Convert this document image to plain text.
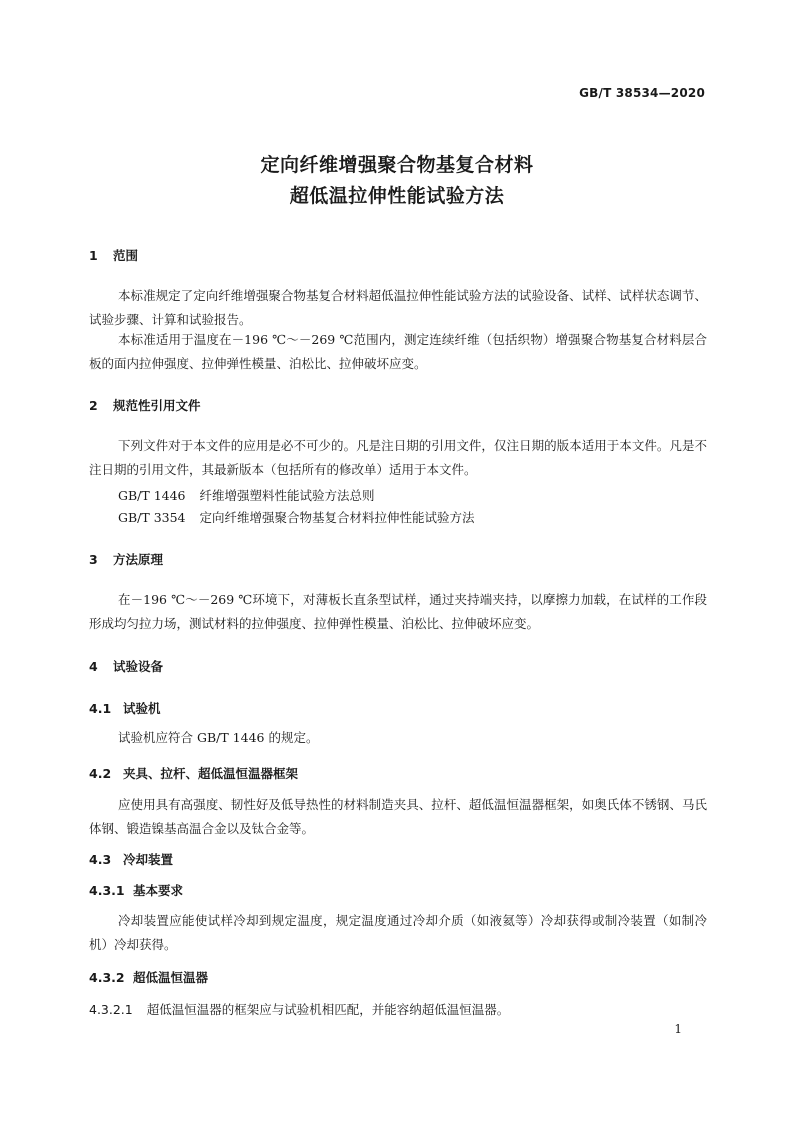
GB/T 38534—2020
定向纤维增强聚合物基复合材料
超低温拉伸性能试验方法
1 范围
本标准规定了定向纤维增强聚合物基复合材料超低温拉伸性能试验方法的试验设备、试样、试样状态调节、试验步骤、计算和试验报告。
本标准适用于温度在－196 ℃～－269 ℃范围内，测定连续纤维（包括织物）增强聚合物基复合材料层合板的面内拉伸强度、拉伸弹性模量、泊松比、拉伸破坏应变。
2 规范性引用文件
下列文件对于本文件的应用是必不可少的。凡是注日期的引用文件，仅注日期的版本适用于本文件。凡是不注日期的引用文件，其最新版本（包括所有的修改单）适用于本文件。
GB/T 1446 纤维增强塑料性能试验方法总则
GB/T 3354 定向纤维增强聚合物基复合材料拉伸性能试验方法
3 方法原理
在－196 ℃～－269 ℃环境下，对薄板长直条型试样，通过夹持端夹持，以摩擦力加载，在试样的工作段形成均匀拉力场，测试材料的拉伸强度、拉伸弹性模量、泊松比、拉伸破坏应变。
4 试验设备
4.1 试验机
试验机应符合 GB/T 1446 的规定。
4.2 夹具、拉杆、超低温恒温器框架
应使用具有高强度、韧性好及低导热性的材料制造夹具、拉杆、超低温恒温器框架，如奥氏体不锈钢、马氏体钢、锻造镍基高温合金以及钛合金等。
4.3 冷却装置
4.3.1 基本要求
冷却装置应能使试样冷却到规定温度，规定温度通过冷却介质（如液氦等）冷却获得或制冷装置（如制冷机）冷却获得。
4.3.2 超低温恒温器
4.3.2.1 超低温恒温器的框架应与试验机相匹配，并能容纳超低温恒温器。
1
